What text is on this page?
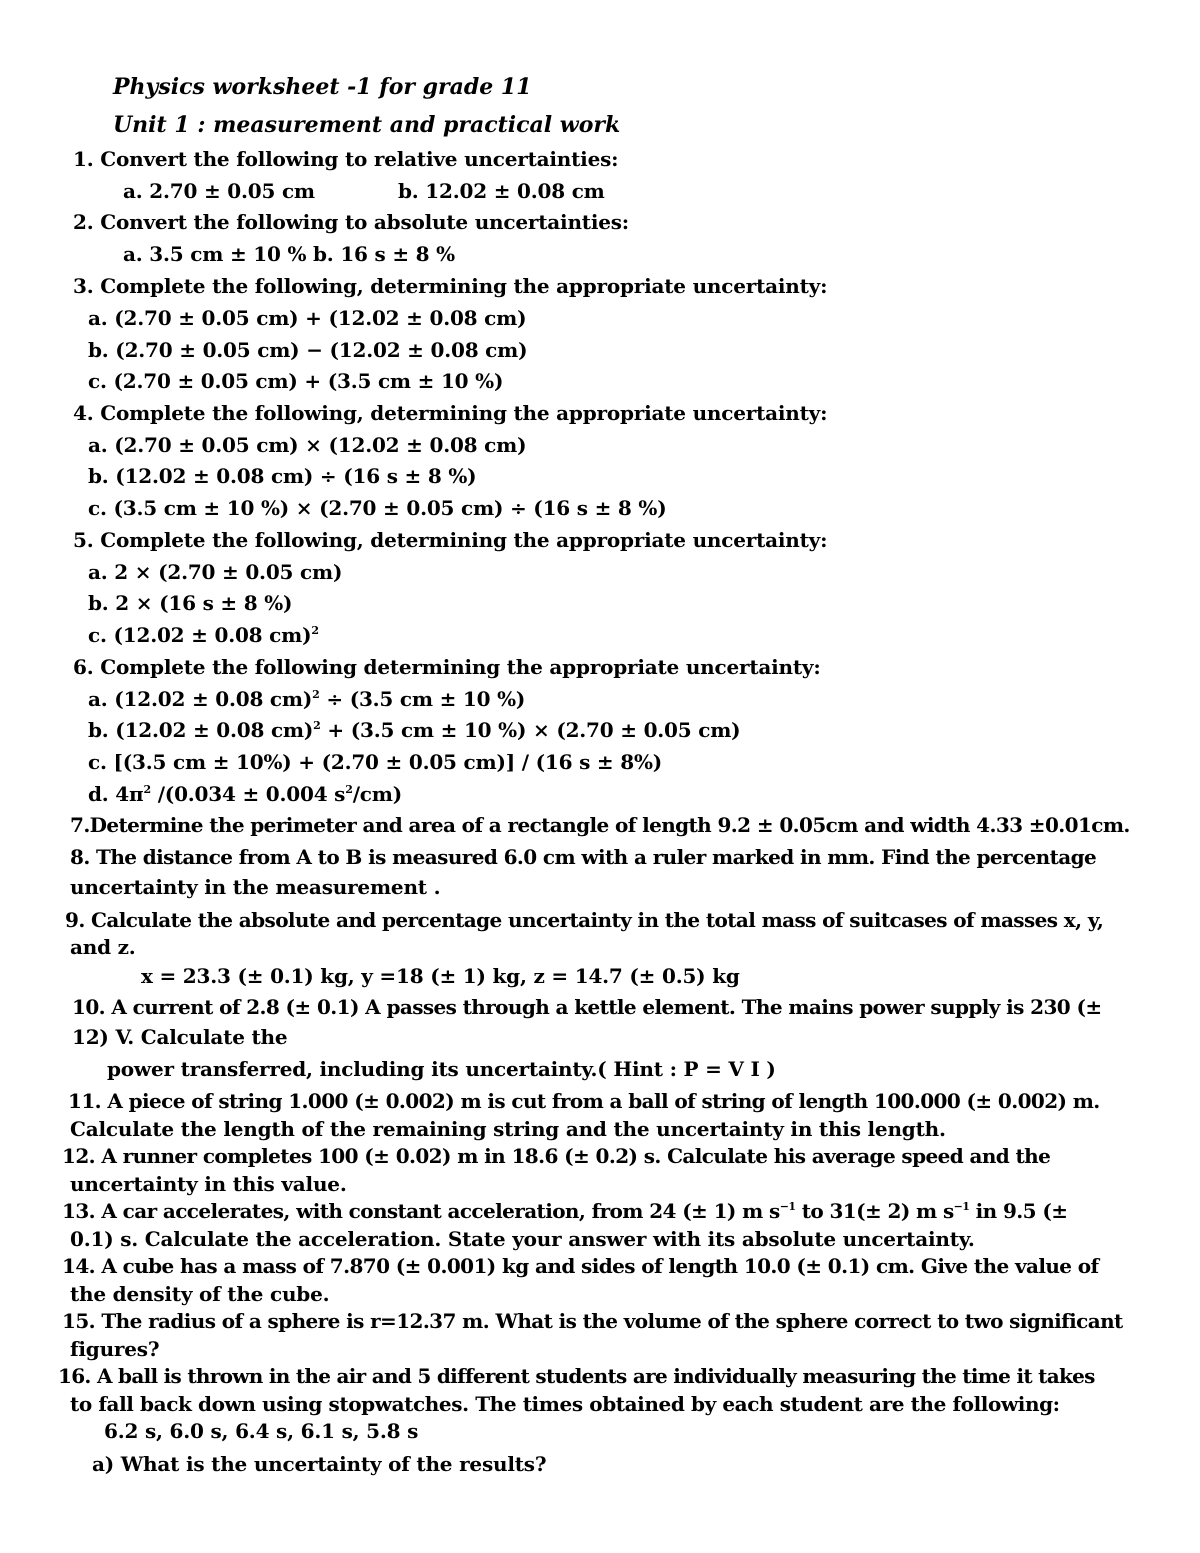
Physics worksheet -1 for grade 11
Unit 1 : measurement and practical work
1. Convert the following to relative uncertainties:
a. 2.70 ± 0.05 cm	b. 12.02 ± 0.08 cm
2. Convert the following to absolute uncertainties:
a. 3.5 cm ± 10 % b. 16 s ± 8 %
3. Complete the following, determining the appropriate uncertainty:
a. (2.70 ± 0.05 cm) + (12.02 ± 0.08 cm)
b. (2.70 ± 0.05 cm) − (12.02 ± 0.08 cm)
c. (2.70 ± 0.05 cm) + (3.5 cm ± 10 %)
4. Complete the following, determining the appropriate uncertainty:
a. (2.70 ± 0.05 cm) × (12.02 ± 0.08 cm)
b. (12.02 ± 0.08 cm) ÷ (16 s ± 8 %)
c. (3.5 cm ± 10 %) × (2.70 ± 0.05 cm) ÷ (16 s ± 8 %)
5. Complete the following, determining the appropriate uncertainty:
a. 2 × (2.70 ± 0.05 cm)
b. 2 × (16 s ± 8 %)
c. (12.02 ± 0.08 cm)$^2$
6. Complete the following determining the appropriate uncertainty:
a. (12.02 ± 0.08 cm)$^2$ ÷ (3.5 cm ± 10 %)
b. (12.02 ± 0.08 cm)$^2$ + (3.5 cm ± 10 %) × (2.70 ± 0.05 cm)
c. [(3.5 cm ± 10%) + (2.70 ± 0.05 cm)] / (16 s ± 8%)
d. $4\pi^2$ /(0.034 ± 0.004 $s^2/cm$)
7.Determine the perimeter and area of a rectangle of length 9.2 ± 0.05cm and width 4.33 ±0.01cm.
8. The distance from A to B is measured 6.0 cm with a ruler marked in mm. Find the percentage
uncertainty in the measurement .
9. Calculate the absolute and percentage uncertainty in the total mass of suitcases of masses x, y,
and z.
x = 23.3 (± 0.1) kg, y =18 (± 1) kg, z = 14.7 (± 0.5) kg
10. A current of 2.8 (± 0.1) A passes through a kettle element. The mains power supply is 230 (±
12) V. Calculate the
power transferred, including its uncertainty.( Hint : P = V I )
11. A piece of string 1.000 (± 0.002) m is cut from a ball of string of length 100.000 (± 0.002) m.
Calculate the length of the remaining string and the uncertainty in this length.
12. A runner completes 100 (± 0.02) m in 18.6 (± 0.2) s. Calculate his average speed and the
uncertainty in this value.
13. A car accelerates, with constant acceleration, from 24 (± 1) m $s^{-1}$ to 31(± 2) m $s^{-1}$ in 9.5 (±
0.1) s. Calculate the acceleration. State your answer with its absolute uncertainty.
14. A cube has a mass of 7.870 (± 0.001) kg and sides of length 10.0 (± 0.1) cm. Give the value of
the density of the cube.
15. The radius of a sphere is r=12.37 m. What is the volume of the sphere correct to two significant
figures?
16. A ball is thrown in the air and 5 different students are individually measuring the time it takes
to fall back down using stopwatches. The times obtained by each student are the following:
6.2 s, 6.0 s, 6.4 s, 6.1 s, 5.8 s
a) What is the uncertainty of the results?
